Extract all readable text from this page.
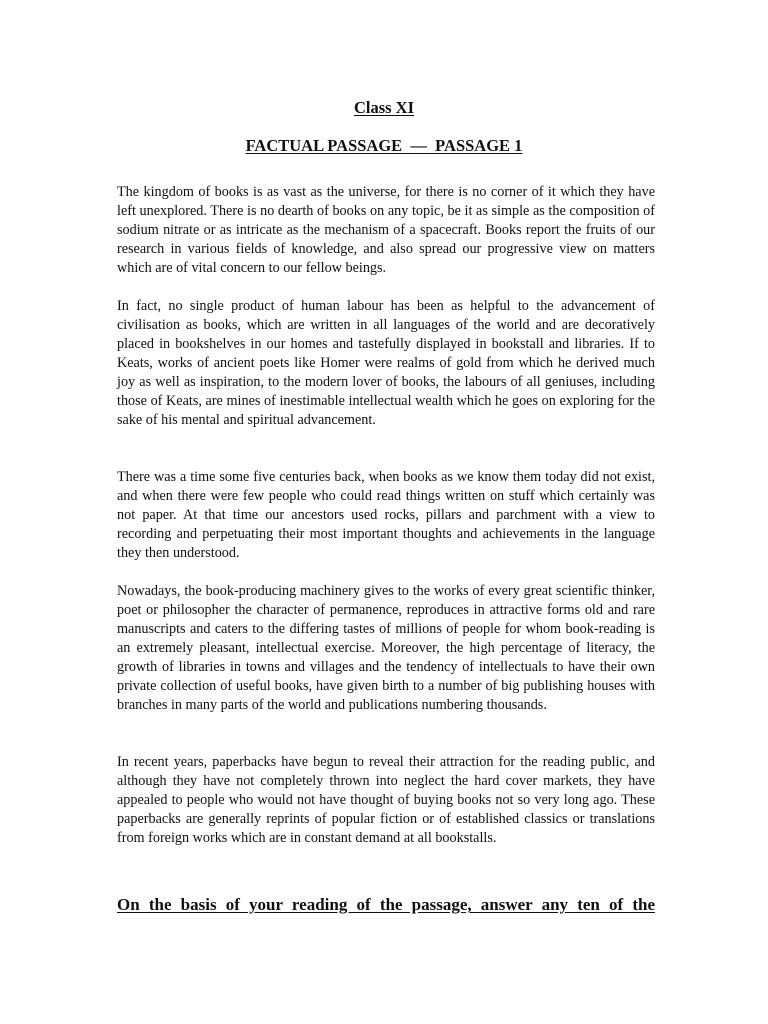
Class XI
FACTUAL PASSAGE  —  PASSAGE 1

The kingdom of books is as vast as the universe, for there is no corner of it which they have left unexplored. There is no dearth of books on any topic, be it as simple as the composition of sodium nitrate or as intricate as the mechanism of a spacecraft. Books report the fruits of our research in various fields of knowledge, and also spread our progressive view on matters which are of vital concern to our fellow beings.

In fact, no single product of human labour has been as helpful to the advancement of civilisation as books, which are written in all languages of the world and are decoratively placed in bookshelves in our homes and tastefully displayed in bookstall and libraries. If to Keats, works of ancient poets like Homer were realms of gold from which he derived much joy as well as inspiration, to the modern lover of books, the labours of all geniuses, including those of Keats, are mines of inestimable intellectual wealth which he goes on exploring for the sake of his mental and spiritual advancement.

There was a time some five centuries back, when books as we know them today did not exist, and when there were few people who could read things written on stuff which certainly was not paper. At that time our ancestors used rocks, pillars and parchment with a view to recording and perpetuating their most important thoughts and achievements in the language they then understood.

Nowadays, the book-producing machinery gives to the works of every great scientific thinker, poet or philosopher the character of permanence, reproduces in attractive forms old and rare manuscripts and caters to the differing tastes of millions of people for whom book-reading is an extremely pleasant, intellectual exercise. Moreover, the high percentage of literacy, the growth of libraries in towns and villages and the tendency of intellectuals to have their own private collection of useful books, have given birth to a number of big publishing houses with branches in many parts of the world and publications numbering thousands.

In recent years, paperbacks have begun to reveal their attraction for the reading public, and although they have not completely thrown into neglect the hard cover markets, they have appealed to people who would not have thought of buying books not so very long ago. These paperbacks are generally reprints of popular fiction or of established classics or translations from foreign works which are in constant demand at all bookstalls.

On the basis of your reading of the passage, answer any ten of the
